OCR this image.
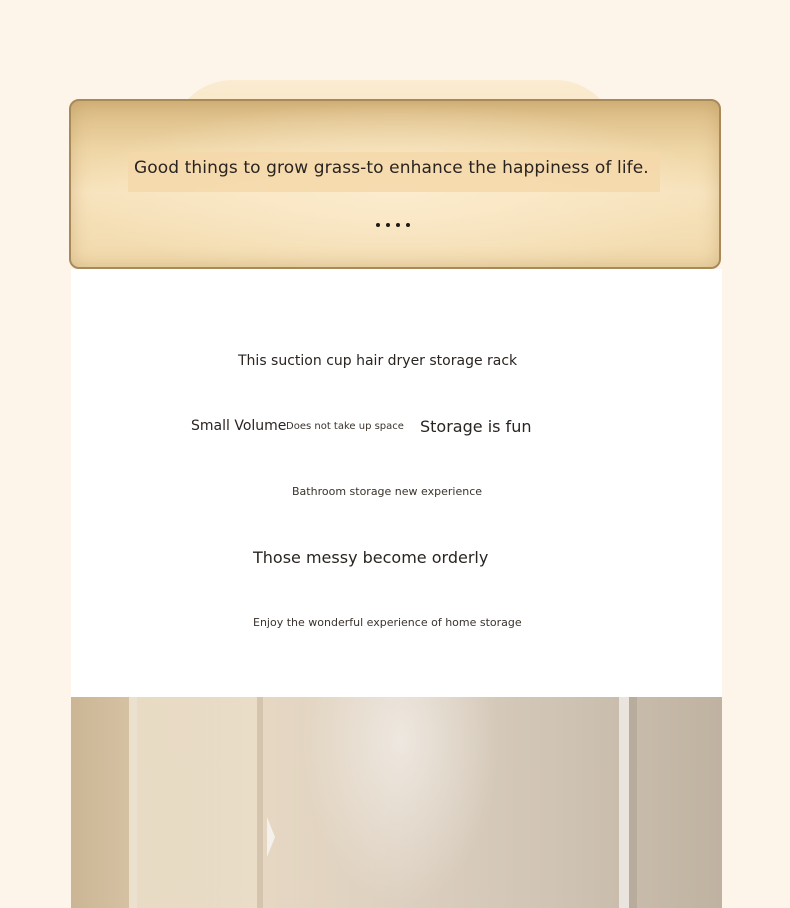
Good things to grow grass-to enhance the happiness of life.
This suction cup hair dryer storage rack
Small Volume Does not take up space Storage is fun
Bathroom storage new experience
Those messy become orderly
Enjoy the wonderful experience of home storage
